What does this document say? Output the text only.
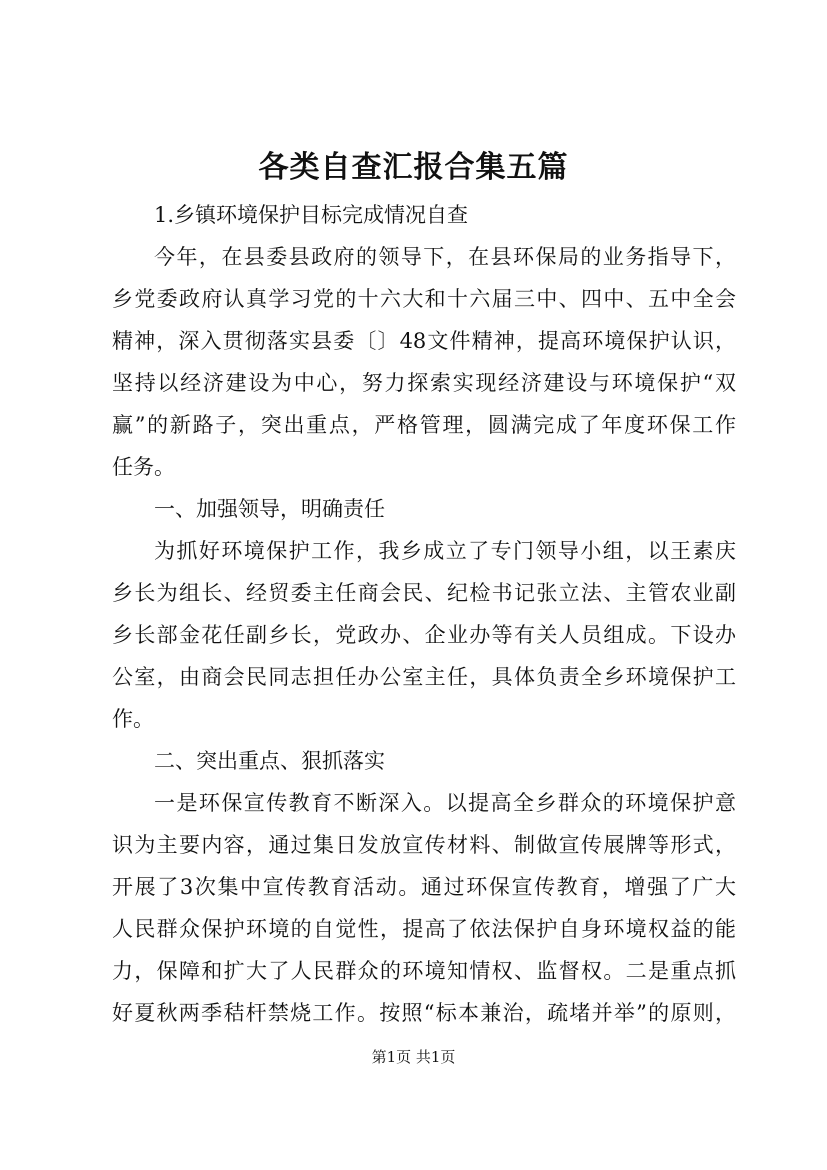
各类自查汇报合集五篇
1.乡镇环境保护目标完成情况自查
今年，在县委县政府的领导下，在县环保局的业务指导下，
乡党委政府认真学习党的十六大和十六届三中、四中、五中全会
精神，深入贯彻落实县委〔〕48文件精神，提高环境保护认识，
坚持以经济建设为中心，努力探索实现经济建设与环境保护“双
赢”的新路子，突出重点，严格管理，圆满完成了年度环保工作
任务。
一、加强领导，明确责任
为抓好环境保护工作，我乡成立了专门领导小组，以王素庆
乡长为组长、经贸委主任商会民、纪检书记张立法、主管农业副
乡长部金花任副乡长，党政办、企业办等有关人员组成。下设办
公室，由商会民同志担任办公室主任，具体负责全乡环境保护工
作。
二、突出重点、狠抓落实
一是环保宣传教育不断深入。以提高全乡群众的环境保护意
识为主要内容，通过集日发放宣传材料、制做宣传展牌等形式，
开展了3次集中宣传教育活动。通过环保宣传教育，增强了广大
人民群众保护环境的自觉性，提高了依法保护自身环境权益的能
力，保障和扩大了人民群众的环境知情权、监督权。二是重点抓
好夏秋两季秸杆禁烧工作。按照“标本兼治，疏堵并举”的原则，
第1页 共1页
